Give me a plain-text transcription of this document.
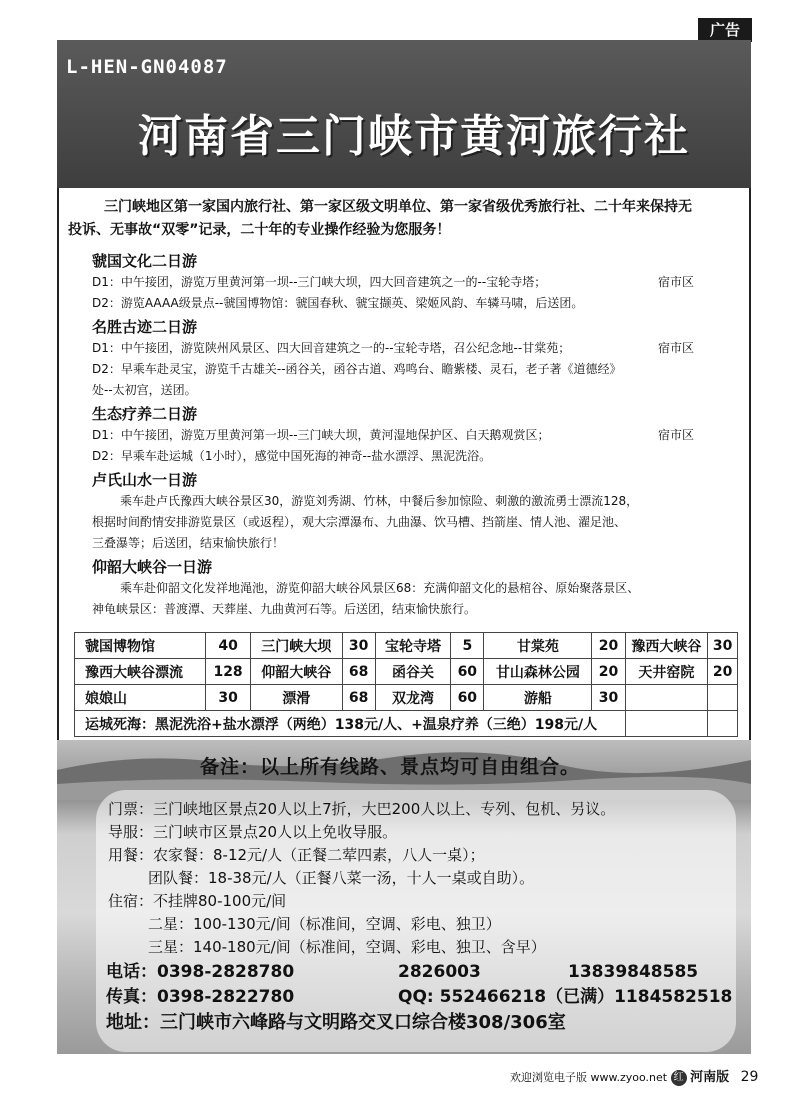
广告
L-HEN-GN04087
河南省三门峡市黄河旅行社
三门峡地区第一家国内旅行社、第一家区级文明单位、第一家省级优秀旅行社、二十年来保持无
投诉、无事故“双零”记录，二十年的专业操作经验为您服务！
虢国文化二日游
D1：中午接团，游览万里黄河第一坝--三门峡大坝，四大回音建筑之一的--宝轮寺塔；	宿市区
D2：游览AAAA级景点--虢国博物馆：虢国春秋、虢宝撷英、梁姬风韵、车辚马啸，后送团。
名胜古迹二日游
D1：中午接团，游览陕州风景区、四大回音建筑之一的--宝轮寺塔，召公纪念地--甘棠苑；	宿市区
D2：早乘车赴灵宝，游览千古雄关--函谷关，函谷古道、鸡鸣台、瞻紫楼、灵石，老子著《道德经》
处--太初宫，送团。
生态疗养二日游
D1：中午接团，游览万里黄河第一坝--三门峡大坝，黄河湿地保护区、白天鹅观赏区；	宿市区
D2：早乘车赴运城（1小时），感觉中国死海的神奇--盐水漂浮、黑泥洗浴。
卢氏山水一日游
乘车赴卢氏豫西大峡谷景区30，游览刘秀湖、竹林，中餐后参加惊险、刺激的激流勇士漂流128，
根据时间酌情安排游览景区（或返程），观大宗潭瀑布、九曲瀑、饮马槽、挡箭崖、情人池、濯足池、
三叠瀑等；后送团，结束愉快旅行！
仰韶大峡谷一日游
乘车赴仰韶文化发祥地渑池，游览仰韶大峡谷风景区68：充满仰韶文化的悬棺谷、原始聚落景区、
神龟峡景区：普渡潭、天葬崖、九曲黄河石等。后送团，结束愉快旅行。
虢国博物馆	40	三门峡大坝	30	宝轮寺塔	5	甘棠苑	20	豫西大峡谷	30
豫西大峡谷漂流	128	仰韶大峡谷	68	函谷关	60	甘山森林公园	20	天井窑院	20
娘娘山	30	漂滑	68	双龙湾	60	游船	30		
运城死海：黑泥洗浴+盐水漂浮（两绝）138元/人、+温泉疗养（三绝）198元/人									
备注：以上所有线路、景点均可自由组合。
门票：三门峡地区景点20人以上7折，大巴200人以上、专列、包机、另议。
导服：三门峡市区景点20人以上免收导服。
用餐：农家餐：8-12元/人（正餐二荤四素，八人一桌）；
团队餐：18-38元/人（正餐八菜一汤，十人一桌或自助）。
住宿：不挂牌80-100元/间
二星：100-130元/间（标准间，空调、彩电、独卫）
三星：140-180元/间（标准间，空调、彩电、独卫、含早）
电话：0398-2828780	2826003	13839848585
传真：0398-2822780	QQ: 552466218（已满）1184582518
地址：三门峡市六峰路与文明路交叉口综合楼308/306室
欢迎浏览电子版 www.zyoo.net 红 河南版 29
